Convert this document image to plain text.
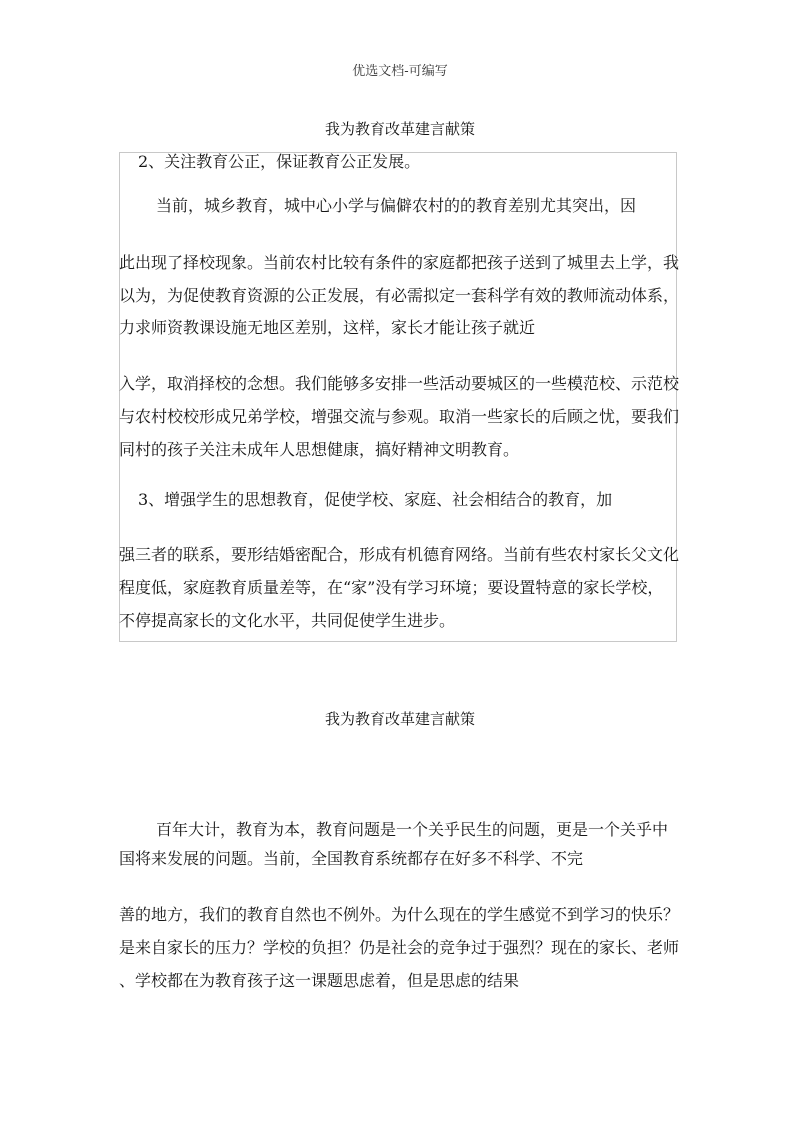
优选文档-可编写
我为教育改革建言献策
2、关注教育公正，保证教育公正发展。
当前，城乡教育，城中心小学与偏僻农村的的教育差别尤其突出，因
此出现了择校现象。当前农村比较有条件的家庭都把孩子送到了城里去上学，我
以为，为促使教育资源的公正发展，有必需拟定一套科学有效的教师流动体系，
力求师资教课设施无地区差别，这样，家长才能让孩子就近
入学，取消择校的念想。我们能够多安排一些活动要城区的一些模范校、示范校
与农村校校形成兄弟学校，增强交流与参观。取消一些家长的后顾之忧，要我们
同村的孩子关注未成年人思想健康，搞好精神文明教育。
3、增强学生的思想教育，促使学校、家庭、社会相结合的教育，加
强三者的联系，要形结婚密配合，形成有机德育网络。当前有些农村家长父文化
程度低，家庭教育质量差等，在“家”没有学习环境；要设置特意的家长学校，
不停提高家长的文化水平，共同促使学生进步。
我为教育改革建言献策
百年大计，教育为本，教育问题是一个关乎民生的问题，更是一个关乎中
国将来发展的问题。当前，全国教育系统都存在好多不科学、不完
善的地方，我们的教育自然也不例外。为什么现在的学生感觉不到学习的快乐？
是来自家长的压力？学校的负担？仍是社会的竞争过于强烈？现在的家长、老师
、学校都在为教育孩子这一课题思虑着，但是思虑的结果
